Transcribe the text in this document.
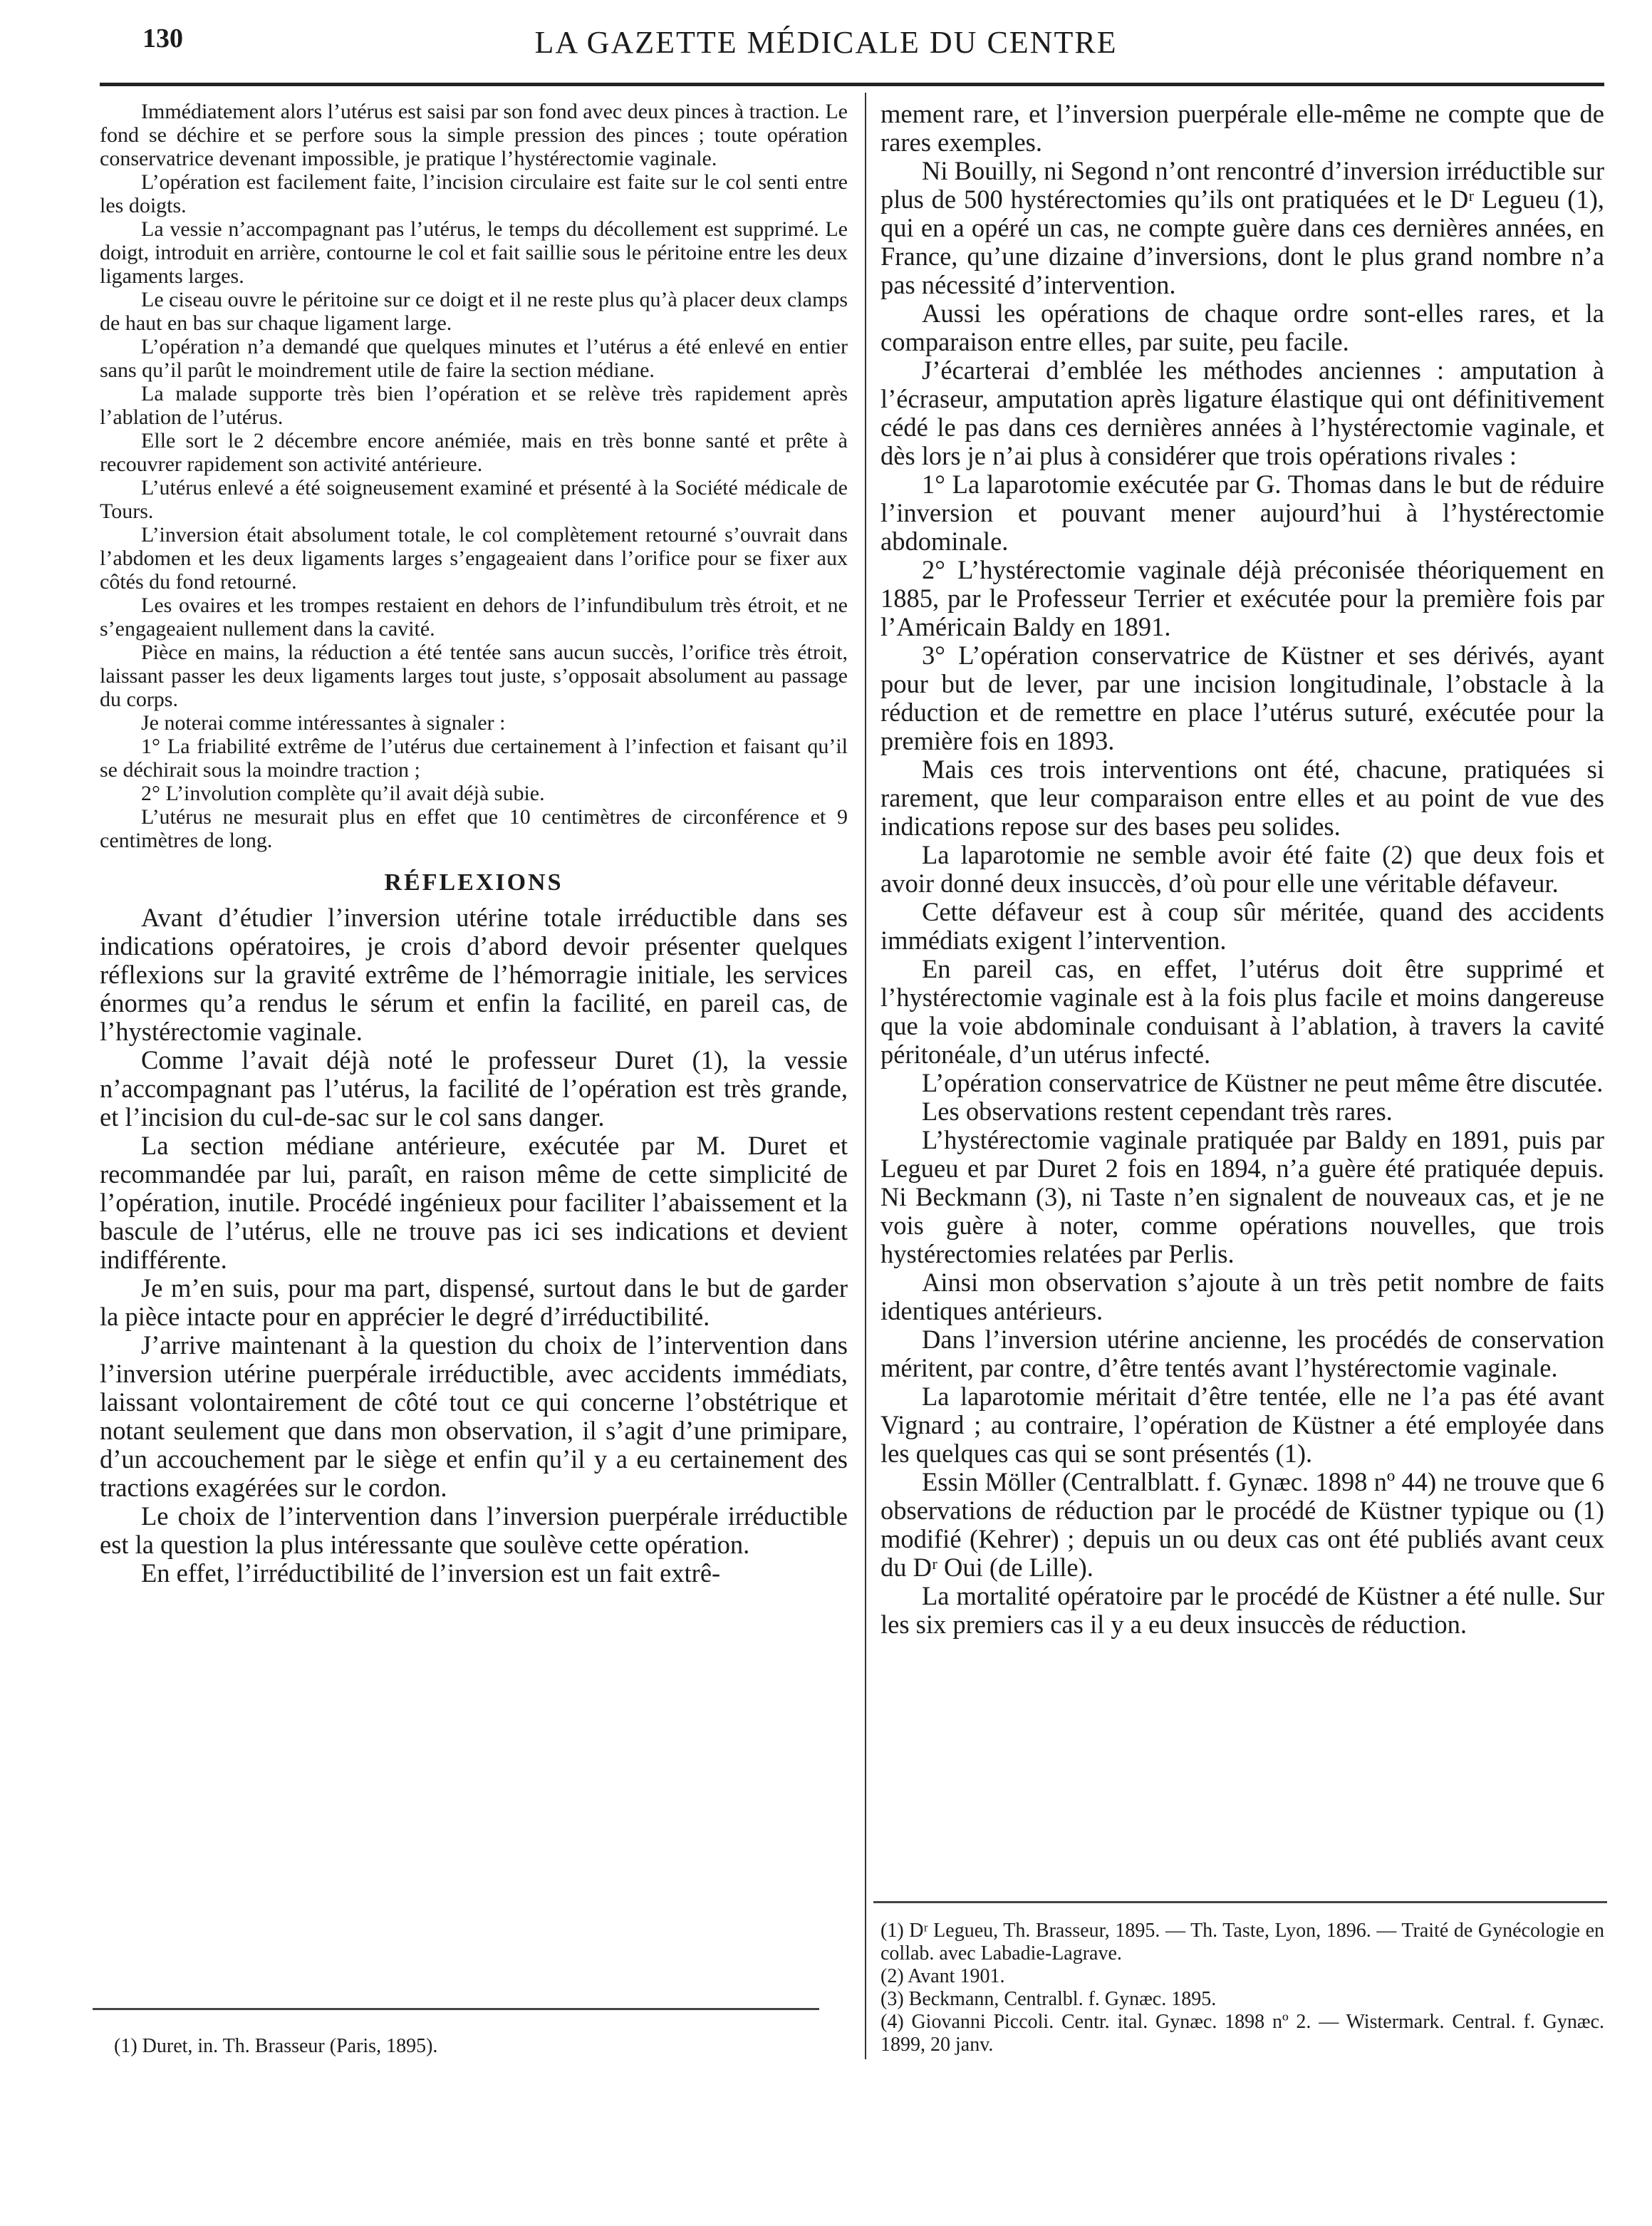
130	LA GAZETTE MÉDICALE DU CENTRE

Immédiatement alors l’utérus est saisi par son fond avec deux pinces à traction. Le fond se déchire et se perfore sous la simple pression des pinces ; toute opération conservatrice devenant impossible, je pratique l’hystérectomie vaginale.

L’opération est facilement faite, l’incision circulaire est faite sur le col senti entre les doigts.

La vessie n’accompagnant pas l’utérus, le temps du décollement est supprimé. Le doigt, introduit en arrière, contourne le col et fait saillie sous le péritoine entre les deux ligaments larges.

Le ciseau ouvre le péritoine sur ce doigt et il ne reste plus qu’à placer deux clamps de haut en bas sur chaque ligament large.

L’opération n’a demandé que quelques minutes et l’utérus a été enlevé en entier sans qu’il parût le moindrement utile de faire la section médiane.

La malade supporte très bien l’opération et se relève très rapidement après l’ablation de l’utérus.

Elle sort le 2 décembre encore anémiée, mais en très bonne santé et prête à recouvrer rapidement son activité antérieure.

L’utérus enlevé a été soigneusement examiné et présenté à la Société médicale de Tours.

L’inversion était absolument totale, le col complètement retourné s’ouvrait dans l’abdomen et les deux ligaments larges s’engageaient dans l’orifice pour se fixer aux côtés du fond retourné.

Les ovaires et les trompes restaient en dehors de l’infundibulum très étroit, et ne s’engageaient nullement dans la cavité.

Pièce en mains, la réduction a été tentée sans aucun succès, l’orifice très étroit, laissant passer les deux ligaments larges tout juste, s’opposait absolument au passage du corps.

Je noterai comme intéressantes à signaler :

1° La friabilité extrême de l’utérus due certainement à l’infection et faisant qu’il se déchirait sous la moindre traction ;

2° L’involution complète qu’il avait déjà subie.

L’utérus ne mesurait plus en effet que 10 centimètres de circonférence et 9 centimètres de long.

RÉFLEXIONS

Avant d’étudier l’inversion utérine totale irréductible dans ses indications opératoires, je crois d’abord devoir présenter quelques réflexions sur la gravité extrême de l’hémorragie initiale, les services énormes qu’a rendus le sérum et enfin la facilité, en pareil cas, de l’hystérectomie vaginale.

Comme l’avait déjà noté le professeur Duret (1), la vessie n’accompagnant pas l’utérus, la facilité de l’opération est très grande, et l’incision du cul-de-sac sur le col sans danger.

La section médiane antérieure, exécutée par M. Duret et recommandée par lui, paraît, en raison même de cette simplicité de l’opération, inutile. Procédé ingénieux pour faciliter l’abaissement et la bascule de l’utérus, elle ne trouve pas ici ses indications et devient indifférente.

Je m’en suis, pour ma part, dispensé, surtout dans le but de garder la pièce intacte pour en apprécier le degré d’irréductibilité.

J’arrive maintenant à la question du choix de l’intervention dans l’inversion utérine puerpérale irréductible, avec accidents immédiats, laissant volontairement de côté tout ce qui concerne l’obstétrique et notant seulement que dans mon observation, il s’agit d’une primipare, d’un accouchement par le siège et enfin qu’il y a eu certainement des tractions exagérées sur le cordon.

Le choix de l’intervention dans l’inversion puerpérale irréductible est la question la plus intéressante que soulève cette opération.

En effet, l’irréductibilité de l’inversion est un fait extrê-

(1) Duret, in. Th. Brasseur (Paris, 1895).

mement rare, et l’inversion puerpérale elle-même ne compte que de rares exemples.

Ni Bouilly, ni Segond n’ont rencontré d’inversion irréductible sur plus de 500 hystérectomies qu’ils ont pratiquées et le Dʳ Legueu (1), qui en a opéré un cas, ne compte guère dans ces dernières années, en France, qu’une dizaine d’inversions, dont le plus grand nombre n’a pas nécessité d’intervention.

Aussi les opérations de chaque ordre sont-elles rares, et la comparaison entre elles, par suite, peu facile.

J’écarterai d’emblée les méthodes anciennes : amputation à l’écraseur, amputation après ligature élastique qui ont définitivement cédé le pas dans ces dernières années à l’hystérectomie vaginale, et dès lors je n’ai plus à considérer que trois opérations rivales :

1° La laparotomie exécutée par G. Thomas dans le but de réduire l’inversion et pouvant mener aujourd’hui à l’hystérectomie abdominale.

2° L’hystérectomie vaginale déjà préconisée théoriquement en 1885, par le Professeur Terrier et exécutée pour la première fois par l’Américain Baldy en 1891.

3° L’opération conservatrice de Küstner et ses dérivés, ayant pour but de lever, par une incision longitudinale, l’obstacle à la réduction et de remettre en place l’utérus suturé, exécutée pour la première fois en 1893.

Mais ces trois interventions ont été, chacune, pratiquées si rarement, que leur comparaison entre elles et au point de vue des indications repose sur des bases peu solides.

La laparotomie ne semble avoir été faite (2) que deux fois et avoir donné deux insuccès, d’où pour elle une véritable défaveur.

Cette défaveur est à coup sûr méritée, quand des accidents immédiats exigent l’intervention.

En pareil cas, en effet, l’utérus doit être supprimé et l’hystérectomie vaginale est à la fois plus facile et moins dangereuse que la voie abdominale conduisant à l’ablation, à travers la cavité péritonéale, d’un utérus infecté.

L’opération conservatrice de Küstner ne peut même être discutée.

Les observations restent cependant très rares.

L’hystérectomie vaginale pratiquée par Baldy en 1891, puis par Legueu et par Duret 2 fois en 1894, n’a guère été pratiquée depuis. Ni Beckmann (3), ni Taste n’en signalent de nouveaux cas, et je ne vois guère à noter, comme opérations nouvelles, que trois hystérectomies relatées par Perlis.

Ainsi mon observation s’ajoute à un très petit nombre de faits identiques antérieurs.

Dans l’inversion utérine ancienne, les procédés de conservation méritent, par contre, d’être tentés avant l’hystérectomie vaginale.

La laparotomie méritait d’être tentée, elle ne l’a pas été avant Vignard ; au contraire, l’opération de Küstner a été employée dans les quelques cas qui se sont présentés (1).

Essin Möller (Centralblatt. f. Gynæc. 1898 nº 44) ne trouve que 6 observations de réduction par le procédé de Küstner typique ou (1) modifié (Kehrer) ; depuis un ou deux cas ont été publiés avant ceux du Dʳ Oui (de Lille).

La mortalité opératoire par le procédé de Küstner a été nulle. Sur les six premiers cas il y a eu deux insuccès de réduction.

(1) Dʳ Legueu, Th. Brasseur, 1895. — Th. Taste, Lyon, 1896. — Traité de Gynécologie en collab. avec Labadie-Lagrave.

(2) Avant 1901.

(3) Beckmann, Centralbl. f. Gynæc. 1895.

(4) Giovanni Piccoli. Centr. ital. Gynæc. 1898 nº 2. — Wistermark. Central. f. Gynæc. 1899, 20 janv.
